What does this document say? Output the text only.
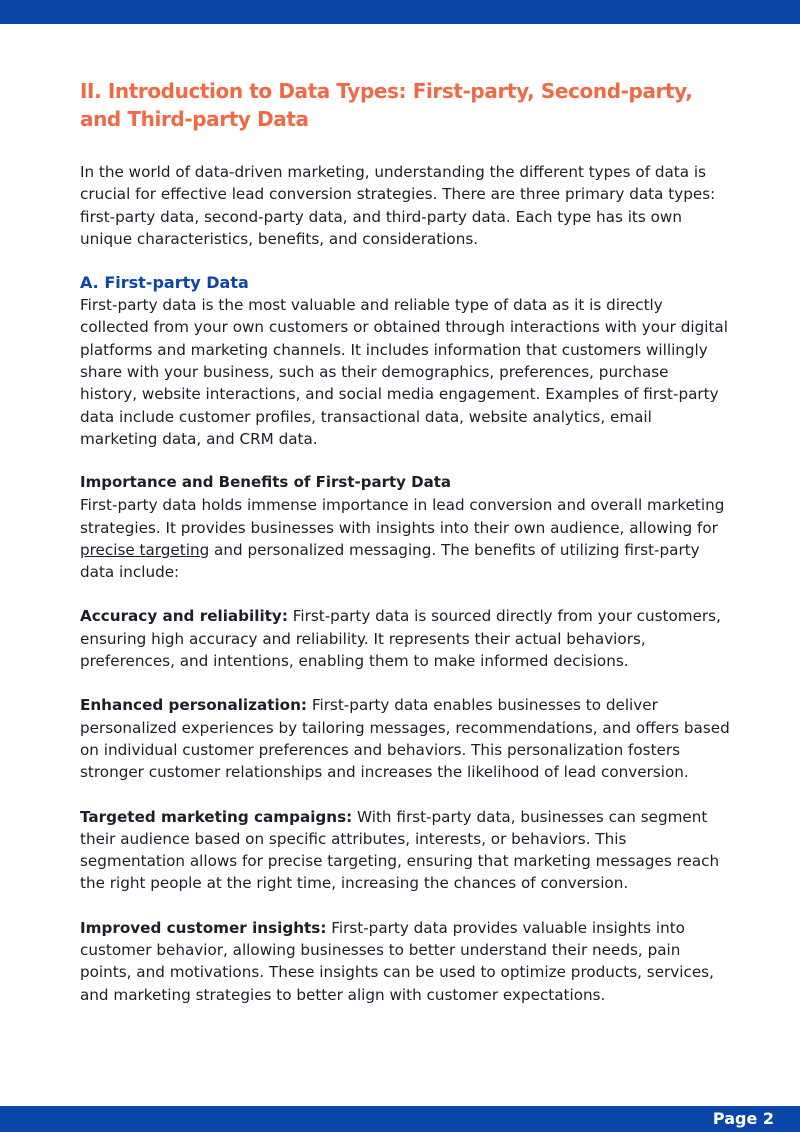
II. Introduction to Data Types: First-party, Second-party, and Third-party Data

In the world of data-driven marketing, understanding the different types of data is crucial for effective lead conversion strategies. There are three primary data types: first-party data, second-party data, and third-party data. Each type has its own unique characteristics, benefits, and considerations.

A. First-party Data

First-party data is the most valuable and reliable type of data as it is directly collected from your own customers or obtained through interactions with your digital platforms and marketing channels. It includes information that customers willingly share with your business, such as their demographics, preferences, purchase history, website interactions, and social media engagement. Examples of first-party data include customer profiles, transactional data, website analytics, email marketing data, and CRM data.

Importance and Benefits of First-party Data

First-party data holds immense importance in lead conversion and overall marketing strategies. It provides businesses with insights into their own audience, allowing for precise targeting and personalized messaging. The benefits of utilizing first-party data include:

Accuracy and reliability: First-party data is sourced directly from your customers, ensuring high accuracy and reliability. It represents their actual behaviors, preferences, and intentions, enabling them to make informed decisions.

Enhanced personalization: First-party data enables businesses to deliver personalized experiences by tailoring messages, recommendations, and offers based on individual customer preferences and behaviors. This personalization fosters stronger customer relationships and increases the likelihood of lead conversion.

Targeted marketing campaigns: With first-party data, businesses can segment their audience based on specific attributes, interests, or behaviors. This segmentation allows for precise targeting, ensuring that marketing messages reach the right people at the right time, increasing the chances of conversion.

Improved customer insights: First-party data provides valuable insights into customer behavior, allowing businesses to better understand their needs, pain points, and motivations. These insights can be used to optimize products, services, and marketing strategies to better align with customer expectations.

Page 2
